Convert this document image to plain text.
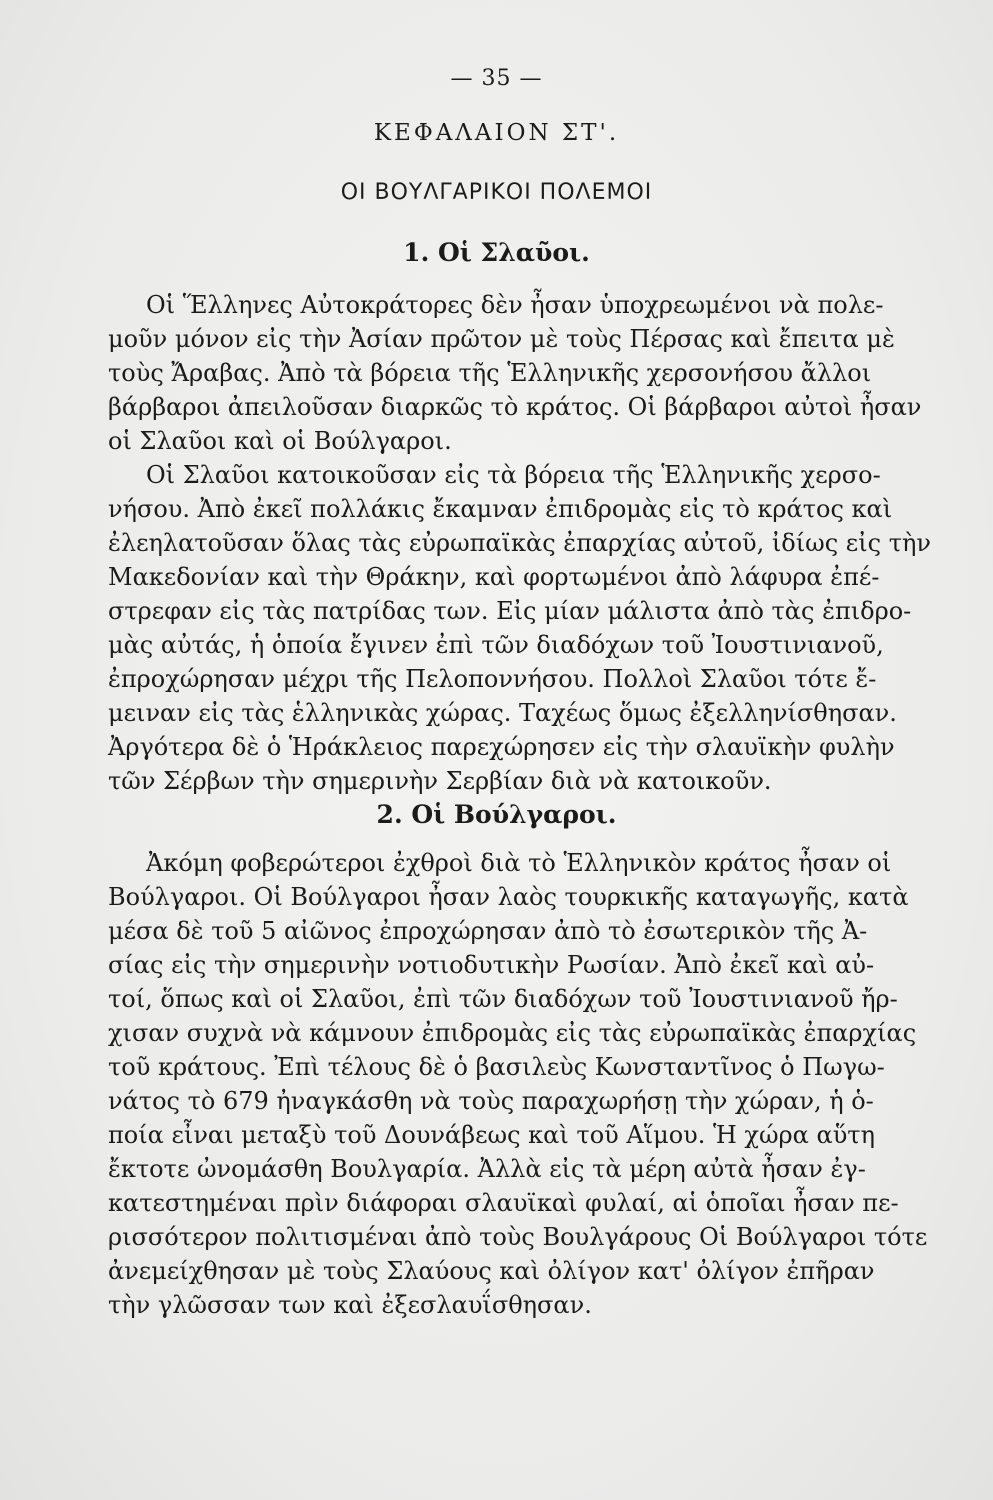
— 35 —
ΚΕΦΑΛΑΙΟΝ ΣΤ'.
ΟΙ ΒΟΥΛΓΑΡΙΚΟΙ ΠΟΛΕΜΟΙ
1. Οἱ Σλαῦοι.
Οἱ Ἕλληνες Αὐτοκράτορες δὲν ἦσαν ὑποχρεωμένοι νὰ πολε-
μοῦν μόνον εἰς τὴν Ἀσίαν πρῶτον μὲ τοὺς Πέρσας καὶ ἔπειτα μὲ
τοὺς Ἄραβας. Ἀπὸ τὰ βόρεια τῆς Ἑλληνικῆς χερσονήσου ἄλλοι
βάρβαροι ἀπειλοῦσαν διαρκῶς τὸ κράτος. Οἱ βάρβαροι αὐτοὶ ἦσαν
οἱ Σλαῦοι καὶ οἱ Βούλγαροι.
Οἱ Σλαῦοι κατοικοῦσαν εἰς τὰ βόρεια τῆς Ἑλληνικῆς χερσο-
νήσου. Ἀπὸ ἐκεῖ πολλάκις ἔκαμναν ἐπιδρομὰς εἰς τὸ κράτος καὶ
ἐλεηλατοῦσαν ὅλας τὰς εὐρωπαϊκὰς ἐπαρχίας αὐτοῦ, ἰδίως εἰς τὴν
Μακεδονίαν καὶ τὴν Θράκην, καὶ φορτωμένοι ἀπὸ λάφυρα ἐπέ-
στρεφαν εἰς τὰς πατρίδας των. Εἰς μίαν μάλιστα ἀπὸ τὰς ἐπιδρο-
μὰς αὐτάς, ἡ ὁποία ἔγινεν ἐπὶ τῶν διαδόχων τοῦ Ἰουστινιανοῦ,
ἐπροχώρησαν μέχρι τῆς Πελοποννήσου. Πολλοὶ Σλαῦοι τότε ἔ-
μειναν εἰς τὰς ἑλληνικὰς χώρας. Ταχέως ὅμως ἐξελληνίσθησαν.
Ἀργότερα δὲ ὁ Ἡράκλειος παρεχώρησεν εἰς τὴν σλαυϊκὴν φυλὴν
τῶν Σέρβων τὴν σημερινὴν Σερβίαν διὰ νὰ κατοικοῦν.
2. Οἱ Βούλγαροι.
Ἀκόμη φοβερώτεροι ἐχθροὶ διὰ τὸ Ἑλληνικὸν κράτος ἦσαν οἱ
Βούλγαροι. Οἱ Βούλγαροι ἦσαν λαὸς τουρκικῆς καταγωγῆς, κατὰ
μέσα δὲ τοῦ 5 αἰῶνος ἐπροχώρησαν ἀπὸ τὸ ἐσωτερικὸν τῆς Ἀ-
σίας εἰς τὴν σημερινὴν νοτιοδυτικὴν Ρωσίαν. Ἀπὸ ἐκεῖ καὶ αὐ-
τοί, ὅπως καὶ οἱ Σλαῦοι, ἐπὶ τῶν διαδόχων τοῦ Ἰουστινιανοῦ ἤρ-
χισαν συχνὰ νὰ κάμνουν ἐπιδρομὰς εἰς τὰς εὐρωπαϊκὰς ἐπαρχίας
τοῦ κράτους. Ἐπὶ τέλους δὲ ὁ βασιλεὺς Κωνσταντῖνος ὁ Πωγω-
νάτος τὸ 679 ἠναγκάσθη νὰ τοὺς παραχωρήσῃ τὴν χώραν, ἡ ὁ-
ποία εἶναι μεταξὺ τοῦ Δουνάβεως καὶ τοῦ Αἵμου. Ἡ χώρα αὕτη
ἔκτοτε ὠνομάσθη Βουλγαρία. Ἀλλὰ εἰς τὰ μέρη αὐτὰ ἦσαν ἐγ-
κατεστημέναι πρὶν διάφοραι σλαυϊκαὶ φυλαί, αἱ ὁποῖαι ἦσαν πε-
ρισσότερον πολιτισμέναι ἀπὸ τοὺς Βουλγάρους Οἱ Βούλγαροι τότε
ἀνεμείχθησαν μὲ τοὺς Σλαύους καὶ ὀλίγον κατ' ὀλίγον ἐπῆραν
τὴν γλῶσσαν των καὶ ἐξεσλαυΐσθησαν.
